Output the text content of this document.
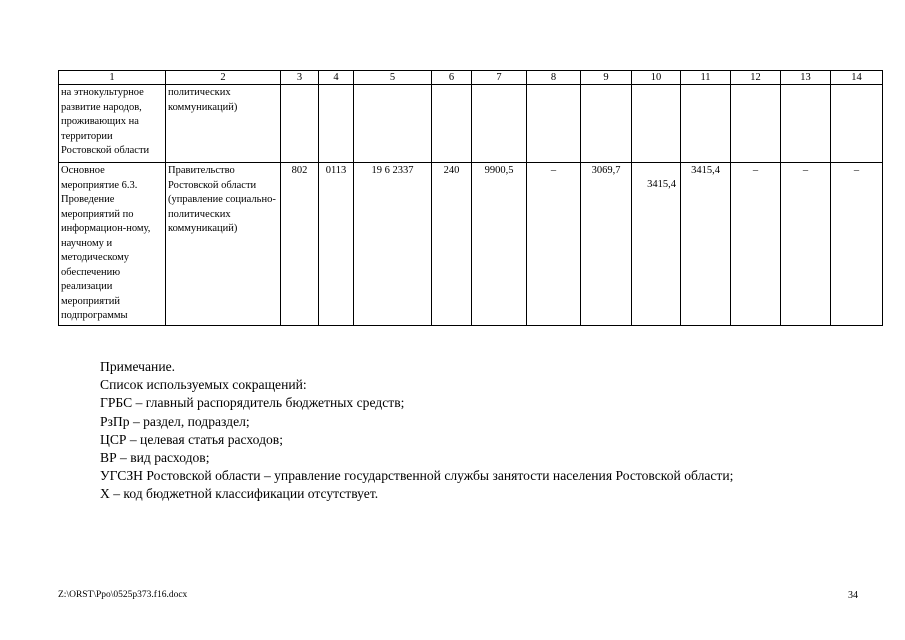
1	2	3	4	5	6	7	8	9	10	11	12	13	14
на этнокультурное развитие народов, проживающих на территории Ростовской области	политических коммуникаций)												
Основное мероприятие 6.3. Проведение мероприятий по информацион-ному, научному и методическому обеспечению реализации мероприятий подпрограммы	Правительство Ростовской области (управление социально-политических коммуникаций)	802	0113	19 6 2337	240	9900,5	–	3069,7	3415,4	3415,4	–	–	–
Примечание.
Список используемых сокращений:
ГРБС – главный распорядитель бюджетных средств;
РзПр – раздел, подраздел;
ЦСР – целевая статья расходов;
ВР – вид расходов;
УГСЗН Ростовской области – управление государственной службы занятости населения Ростовской области;
Х – код бюджетной классификации отсутствует.
Z:\ORST\Ppo\0525p373.f16.docx	34
